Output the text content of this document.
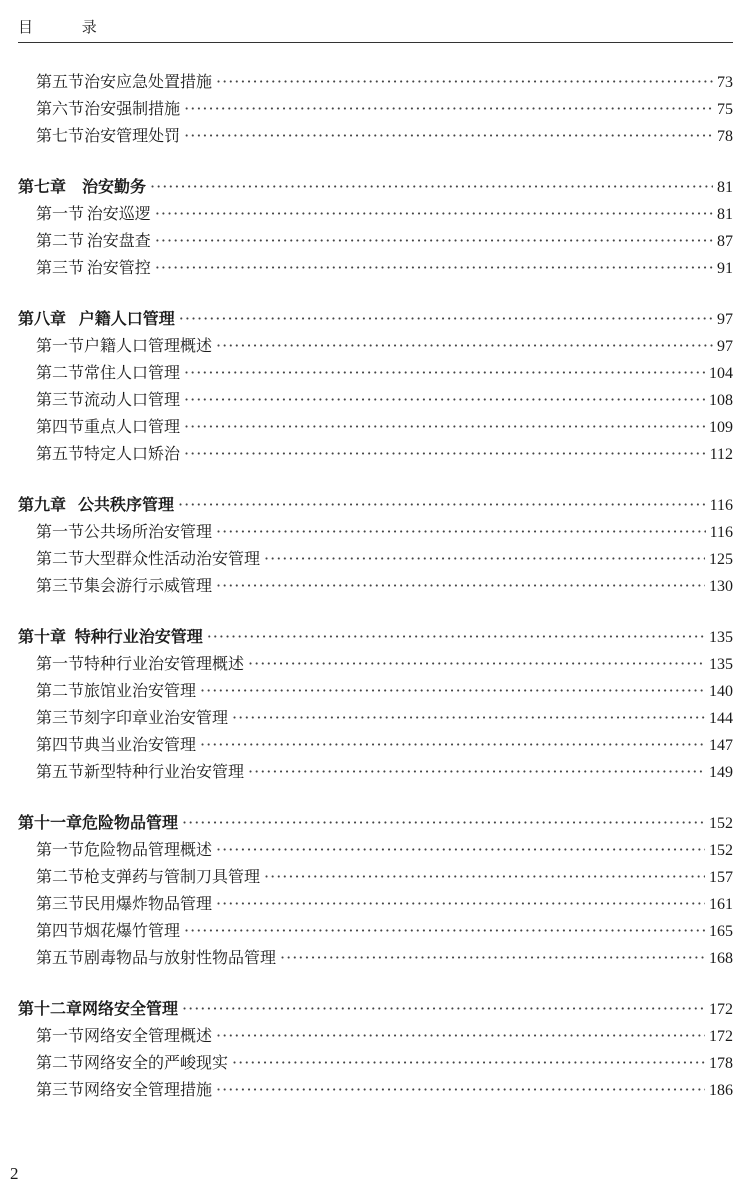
目 录
第五节 治安应急处置措施 ·····	73
第六节 治安强制措施 ·····	75
第七节 治安管理处罚 ·····	78
第七章	治安勤务 ·····	81
第一节 治安巡逻 ·····	81
第二节 治安盘查 ·····	87
第三节 治安管控 ·····	91
第八章 户籍人口管理 ·····	97
第一节 户籍人口管理概述 ·····	97
第二节 常住人口管理 ·····	104
第三节 流动人口管理 ·····	108
第四节 重点人口管理 ·····	109
第五节 特定人口矫治 ·····	112
第九章 公共秩序管理 ·····	116
第一节 公共场所治安管理 ·····	116
第二节 大型群众性活动治安管理 ·····	125
第三节 集会游行示威管理 ·····	130
第十章 特种行业治安管理 ·····	135
第一节 特种行业治安管理概述 ·····	135
第二节 旅馆业治安管理 ·····	140
第三节 刻字印章业治安管理 ·····	144
第四节 典当业治安管理 ·····	147
第五节 新型特种行业治安管理 ·····	149
第十一章 危险物品管理 ·····	152
第一节 危险物品管理概述 ·····	152
第二节 枪支弹药与管制刀具管理 ·····	157
第三节 民用爆炸物品管理 ·····	161
第四节 烟花爆竹管理 ·····	165
第五节 剧毒物品与放射性物品管理 ·····	168
第十二章 网络安全管理 ·····	172
第一节 网络安全管理概述 ·····	172
第二节 网络安全的严峻现实 ·····	178
第三节 网络安全管理措施 ·····	186
2
